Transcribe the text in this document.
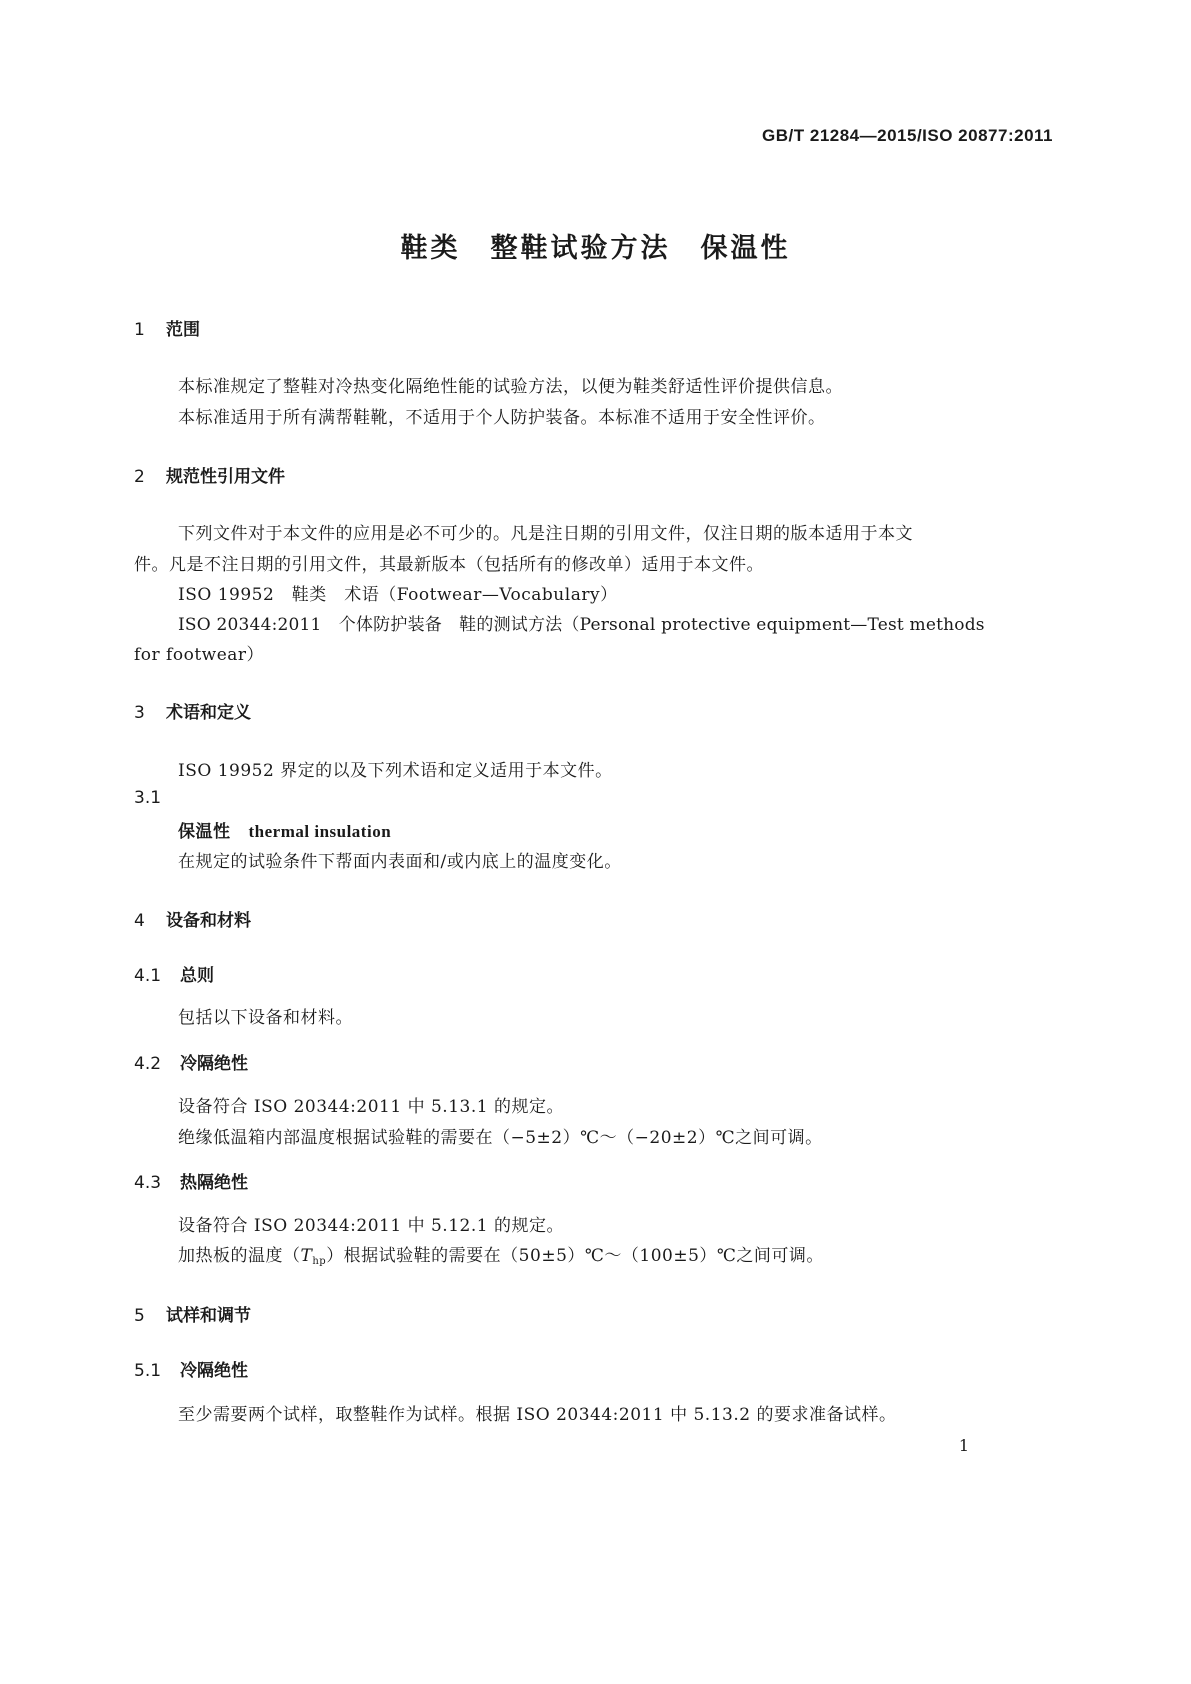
GB/T 21284—2015/ISO 20877:2011
鞋类　整鞋试验方法　保温性
1 范围
本标准规定了整鞋对冷热变化隔绝性能的试验方法，以便为鞋类舒适性评价提供信息。
本标准适用于所有满帮鞋靴，不适用于个人防护装备。本标准不适用于安全性评价。
2 规范性引用文件
下列文件对于本文件的应用是必不可少的。凡是注日期的引用文件，仅注日期的版本适用于本文
件。凡是不注日期的引用文件，其最新版本（包括所有的修改单）适用于本文件。
ISO 19952　鞋类　术语（Footwear—Vocabulary）
ISO 20344:2011　个体防护装备　鞋的测试方法（Personal protective equipment—Test methods
for footwear）
3 术语和定义
ISO 19952 界定的以及下列术语和定义适用于本文件。
3.1
保温性 thermal insulation
在规定的试验条件下帮面内表面和/或内底上的温度变化。
4 设备和材料
4.1 总则
包括以下设备和材料。
4.2 冷隔绝性
设备符合 ISO 20344:2011 中 5.13.1 的规定。
绝缘低温箱内部温度根据试验鞋的需要在（−5±2）℃～（−20±2）℃之间可调。
4.3 热隔绝性
设备符合 ISO 20344:2011 中 5.12.1 的规定。
加热板的温度$(T_{hp})$根据试验鞋的需要在（50±5）℃～（100±5）℃之间可调。
5 试样和调节
5.1 冷隔绝性
至少需要两个试样，取整鞋作为试样。根据 ISO 20344:2011 中 5.13.2 的要求准备试样。
1
